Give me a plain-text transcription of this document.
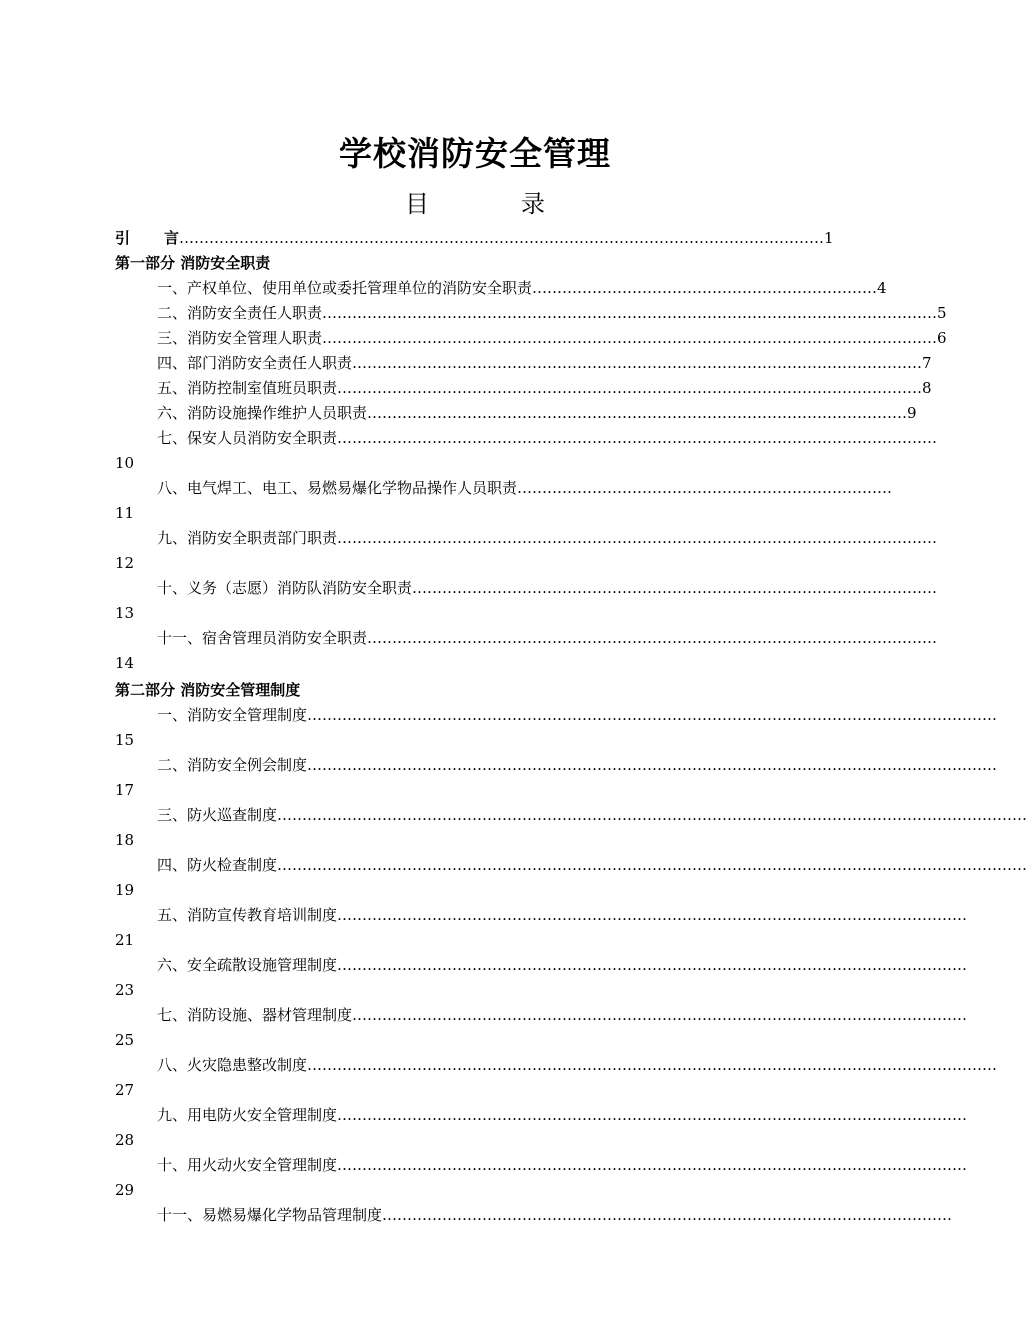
学校消防安全管理
目	录
引 言…………………………………………………………………………………………………………………1
第一部分 消防安全职责
一、产权单位、使用单位或委托管理单位的消防安全职责……………………………………………………………4
二、消防安全责任人职责……………………………………………………………………………………………………………5
三、消防安全管理人职责……………………………………………………………………………………………………………6
四、部门消防安全责任人职责……………………………………………………………………………………………………7
五、消防控制室值班员职责………………………………………………………………………………………………………8
六、消防设施操作维护人员职责………………………………………………………………………………………………9
七、保安人员消防安全职责…………………………………………………………………………………………………………
10
八、电气焊工、电工、易燃易爆化学物品操作人员职责…………………………………………………………………
11
九、消防安全职责部门职责…………………………………………………………………………………………………………
12
十、义务（志愿）消防队消防安全职责……………………………………………………………………………………………
13
十一、宿舍管理员消防安全职责……………………………………………………………………………………………………
14
第二部分 消防安全管理制度
一、消防安全管理制度…………………………………………………………………………………………………………………………
15
二、消防安全例会制度…………………………………………………………………………………………………………………………
17
三、防火巡查制度……………………………………………………………………………………………………………………………………
18
四、防火检查制度……………………………………………………………………………………………………………………………………
19
五、消防宣传教育培训制度………………………………………………………………………………………………………………
21
六、安全疏散设施管理制度………………………………………………………………………………………………………………
23
七、消防设施、器材管理制度……………………………………………………………………………………………………………
25
八、火灾隐患整改制度…………………………………………………………………………………………………………………………
27
九、用电防火安全管理制度………………………………………………………………………………………………………………
28
十、用火动火安全管理制度………………………………………………………………………………………………………………
29
十一、易燃易爆化学物品管理制度……………………………………………………………………………………………………
